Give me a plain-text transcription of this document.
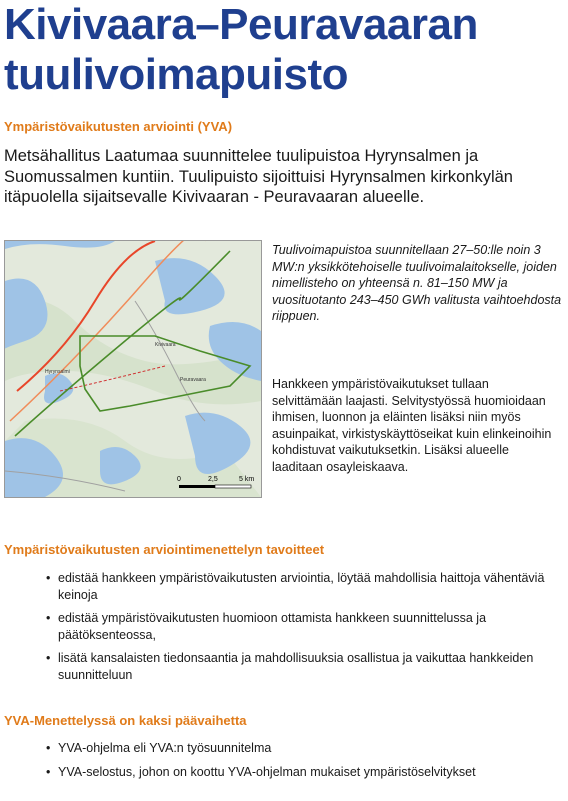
Kivivaara–Peuravaaran
tuulivoimapuisto
Ympäristövaikutusten arviointi (YVA)

Metsähallitus Laatumaa suunnittelee tuulipuistoa Hyrynsalmen ja Suomussalmen kuntiin. Tuulipuisto sijoittuisi Hyrynsalmen kirkonkylän itäpuolella sijaitsevalle Kivivaaran - Peuravaaran alueelle.

Hyrynsalmi
Kivivaara
Peuravaara
0	2,5	5 km

Tuulivoimapuistoa suunnitellaan 27–50:lle noin 3 MW:n yksikkötehoiselle tuulivoimalaitokselle, joiden nimellisteho on yhteensä n. 81–150 MW ja vuosituotanto 243–450 GWh valitusta vaihtoehdosta riippuen.

Hankkeen ympäristövaikutukset tullaan selvittämään laajasti. Selvitystyössä huomioidaan ihmisen, luonnon ja eläinten lisäksi niin myös asuinpaikat, virkistyskäyttöseikat kuin elinkeinoihin kohdistuvat vaikutuksetkin. Lisäksi alueelle laaditaan osayleiskaava.

Ympäristövaikutusten arviointimenettelyn tavoitteet
• edistää hankkeen ympäristövaikutusten arviointia, löytää mahdollisia haittoja vähentäviä keinoja
• edistää ympäristövaikutusten huomioon ottamista hankkeen suunnittelussa ja päätöksenteossa,
• lisätä kansalaisten tiedonsaantia ja mahdollisuuksia osallistua ja vaikuttaa hankkeiden suunnitteluun
YVA-Menettelyssä on kaksi päävaihetta
• YVA-ohjelma eli YVA:n työsuunnitelma
• YVA-selostus, johon on koottu YVA-ohjelman mukaiset ympäristöselvitykset
